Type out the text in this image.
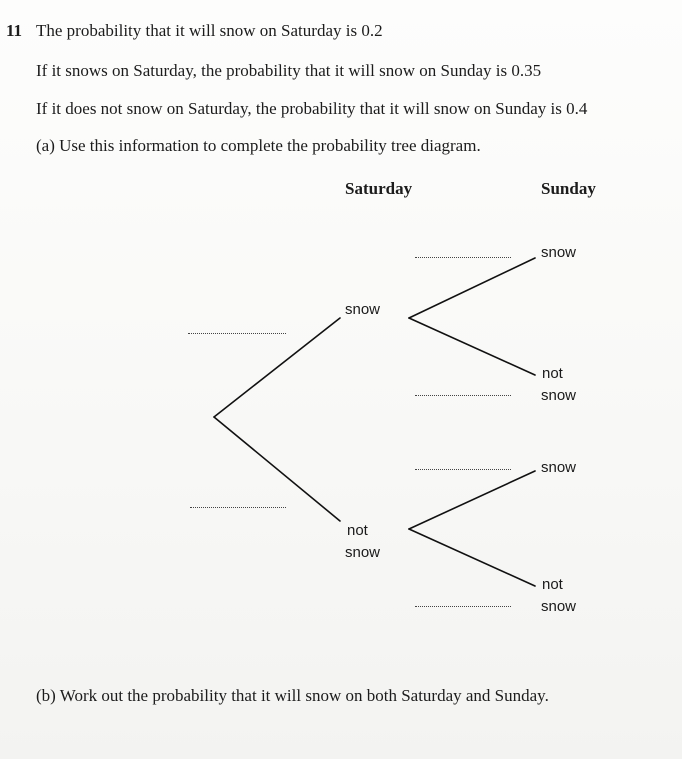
11 The probability that it will snow on Saturday is 0.2
If it snows on Saturday, the probability that it will snow on Sunday is 0.35
If it does not snow on Saturday, the probability that it will snow on Sunday is 0.4
(a) Use this information to complete the probability tree diagram.
Saturday	Sunday
snow
not
snow
snow
not
snow
snow
not
snow
(b) Work out the probability that it will snow on both Saturday and Sunday.
